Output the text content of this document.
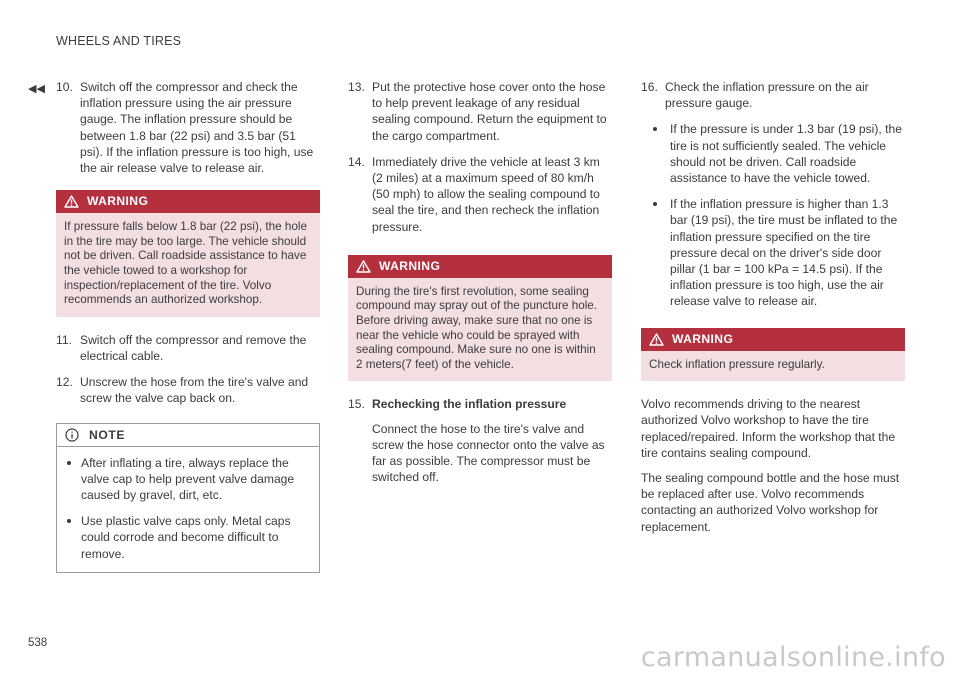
WHEELS AND TIRES
◀◀ 10. Switch off the compressor and check the inflation pressure using the air pressure gauge. The inflation pressure should be between 1.8 bar (22 psi) and 3.5 bar (51 psi). If the inflation pressure is too high, use the air release valve to release air.
WARNING
If pressure falls below 1.8 bar (22 psi), the hole in the tire may be too large. The vehicle should not be driven. Call roadside assistance to have the vehicle towed to a workshop for inspection/replacement of the tire. Volvo recommends an authorized workshop.
11. Switch off the compressor and remove the electrical cable.
12. Unscrew the hose from the tire's valve and screw the valve cap back on.
NOTE
After inflating a tire, always replace the valve cap to help prevent valve damage caused by gravel, dirt, etc.
Use plastic valve caps only. Metal caps could corrode and become difficult to remove.
13. Put the protective hose cover onto the hose to help prevent leakage of any residual sealing compound. Return the equipment to the cargo compartment.
14. Immediately drive the vehicle at least 3 km (2 miles) at a maximum speed of 80 km/h (50 mph) to allow the sealing compound to seal the tire, and then recheck the inflation pressure.
WARNING
During the tire's first revolution, some sealing compound may spray out of the puncture hole. Before driving away, make sure that no one is near the vehicle who could be sprayed with sealing compound. Make sure no one is within 2 meters(7 feet) of the vehicle.
15. Rechecking the inflation pressure
Connect the hose to the tire's valve and screw the hose connector onto the valve as far as possible. The compressor must be switched off.
16. Check the inflation pressure on the air pressure gauge.
If the pressure is under 1.3 bar (19 psi), the tire is not sufficiently sealed. The vehicle should not be driven. Call roadside assistance to have the vehicle towed.
If the inflation pressure is higher than 1.3 bar (19 psi), the tire must be inflated to the inflation pressure specified on the tire pressure decal on the driver's side door pillar (1 bar = 100 kPa = 14.5 psi). If the inflation pressure is too high, use the air release valve to release air.
WARNING
Check inflation pressure regularly.
Volvo recommends driving to the nearest authorized Volvo workshop to have the tire replaced/repaired. Inform the workshop that the tire contains sealing compound.
The sealing compound bottle and the hose must be replaced after use. Volvo recommends contacting an authorized Volvo workshop for replacement.
538	carmanualsonline.info
